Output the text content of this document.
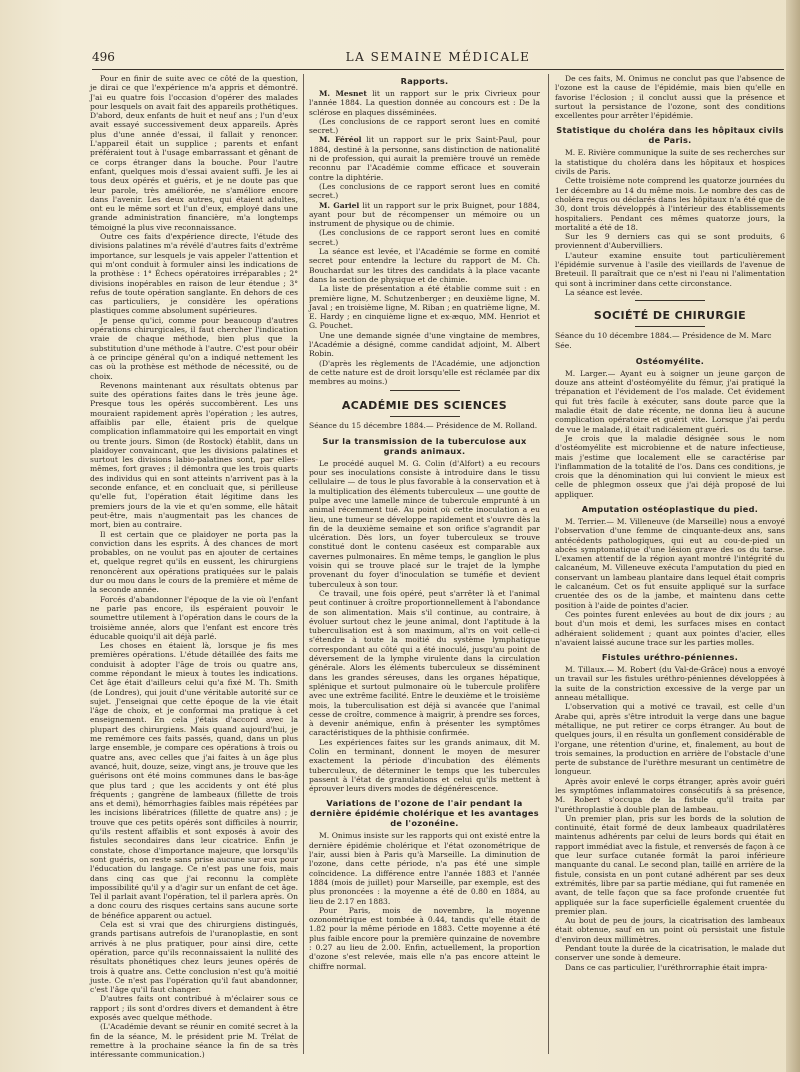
496	LA SEMAINE MÉDICALE

Pour en finir de suite avec ce côté de la question, je dirai ce que l'expérience m'a appris et démontré. J'ai eu quatre fois l'occasion d'opérer des malades pour lesquels on avait fait des appareils prothétiques. D'abord, deux enfants de huit et neuf ans ; l'un d'eux avait essayé successivement deux appareils. Après plus d'une année d'essai, il fallait y renoncer. L'appareil était un supplice ; parents et enfant préféraient tout à l'usage embarrassant et gênant de ce corps étranger dans la bouche. Pour l'autre enfant, quelques mois d'essai avaient suffi. Je les ai tous deux opérés et guéris, et je ne doute pas que leur parole, très améliorée, ne s'améliore encore dans l'avenir. Les deux autres, qui étaient adultes, ont eu le même sort et l'un d'eux, employé dans une grande administration financière, m'a longtemps témoigné la plus vive reconnaissance.

Outre ces faits d'expérience directe, l'étude des divisions palatines m'a révélé d'autres faits d'extrême importance, sur lesquels je vais appeler l'attention et qui m'ont conduit à formuler ainsi les indications de la prothèse : 1° Échecs opératoires irréparables ; 2° divisions inopérables en raison de leur étendue ; 3° refus de toute opération sanglante. En dehors de ces cas particuliers, je considère les opérations plastiques comme absolument supérieures.

Je pense qu'ici, comme pour beaucoup d'autres opérations chirurgicales, il faut chercher l'indication vraie de chaque méthode, bien plus que la substitution d'une méthode à l'autre. C'est pour obéir à ce principe général qu'on a indiqué nettement les cas où la prothèse est méthode de nécessité, ou de choix.

Revenons maintenant aux résultats obtenus par suite des opérations faites dans le très jeune âge. Presque tous les opérés succombèrent. Les uns mouraient rapidement après l'opération ; les autres, affaiblis par elle, étaient pris de quelque complication inflammatoire qui les emportait en vingt ou trente jours. Simon (de Rostock) établit, dans un plaidoyer convaincant, que les divisions palatines et surtout les divisions labio-palatines sont, par elles-mêmes, fort graves ; il démontra que les trois quarts des individus qui en sont atteints n'arrivent pas à la seconde enfance, et en concluait que, si périlleuse qu'elle fut, l'opération était légitime dans les premiers jours de la vie et qu'en somme, elle hâtait peut-être, mais n'augmentait pas les chances de mort, bien au contraire.

Il est certain que ce plaidoyer ne porta pas la conviction dans les esprits. À des chances de mort probables, on ne voulut pas en ajouter de certaines et, quelque regret qu'ils en eussent, les chirurgiens renoncèrent aux opérations pratiquées sur le palais dur ou mou dans le cours de la première et même de la seconde année.

Forcés d'abandonner l'époque de la vie où l'enfant ne parle pas encore, ils espéraient pouvoir le soumettre utilement à l'opération dans le cours de la troisième année, alors que l'enfant est encore très éducable quoiqu'il ait déjà parlé.

Les choses en étaient là, lorsque je fis mes premières opérations. L'étude détaillée des faits me conduisit à adopter l'âge de trois ou quatre ans, comme répondant le mieux à toutes les indications. Cet âge était d'ailleurs celui qu'a fixé M. Th. Smith (de Londres), qui jouit d'une véritable autorité sur ce sujet. J'enseignai que cette époque de la vie était l'âge de choix, et je conformai ma pratique à cet enseignement. En cela j'étais d'accord avec la plupart des chirurgiens. Mais quand aujourd'hui, je me remémore ces faits passés, quand, dans un plus large ensemble, je compare ces opérations à trois ou quatre ans, avec celles que j'ai faites à un âge plus avancé, huit, douze, seize, vingt ans, je trouve que les guérisons ont été moins communes dans le bas-âge que plus tard ; que les accidents y ont été plus fréquents ; gangrène de lambeaux (fillette de trois ans et demi), hémorrhagies faibles mais répétées par les incisions libératrices (fillette de quatre ans) ; je trouve que ces petits opérés sont difficiles à nourrir, qu'ils restent affaiblis et sont exposés à avoir des fistules secondaires dans leur cicatrice. Enfin je constate, chose d'importance majeure, que lorsqu'ils sont guéris, on reste sans prise aucune sur eux pour l'éducation du langage. Ce n'est pas une fois, mais dans cinq cas que j'ai reconnu la complète impossibilité qu'il y a d'agir sur un enfant de cet âge. Tel il parlait avant l'opération, tel il parlera après. On a donc couru des risques certains sans aucune sorte de bénéfice apparent ou actuel.

Cela est si vrai que des chirurgiens distingués, grands partisans autrefois de l'uranoplastie, en sont arrivés à ne plus pratiquer, pour ainsi dire, cette opération, parce qu'ils reconnaissaient la nullité des résultats phonétiques chez leurs jeunes opérés de trois à quatre ans. Cette conclusion n'est qu'à moitié juste. Ce n'est pas l'opération qu'il faut abandonner, c'est l'âge qu'il faut changer.

D'autres faits ont contribué à m'éclairer sous ce rapport ; ils sont d'ordres divers et demandent à être exposés avec quelque méthode.

(L'Académie devant se réunir en comité secret à la fin de la séance, M. le président prie M. Trélat de remettre à la prochaine séance la fin de sa très intéressante communication.)

Rapports.

M. Mesnet lit un rapport sur le prix Civrieux pour l'année 1884. La question donnée au concours est : De la sclérose en plaques disséminées.

(Les conclusions de ce rapport seront lues en comité secret.)

M. Féréol lit un rapport sur le prix Saint-Paul, pour 1884, destiné à la personne, sans distinction de nationalité ni de profession, qui aurait la première trouvé un remède reconnu par l'Académie comme efficace et souverain contre la diphtérie.

(Les conclusions de ce rapport seront lues en comité secret.)

M. Gariel lit un rapport sur le prix Buignet, pour 1884, ayant pour but de récompenser un mémoire ou un instrument de physique ou de chimie.

(Les conclusions de ce rapport seront lues en comité secret.)

La séance est levée, et l'Académie se forme en comité secret pour entendre la lecture du rapport de M. Ch. Bouchardat sur les titres des candidats à la place vacante dans la section de physique et de chimie.

La liste de présentation a été établie comme suit : en première ligne, M. Schutzenberger ; en deuxième ligne, M. Javal ; en troisième ligne, M. Riban ; en quatrième ligne, M. E. Hardy ; en cinquième ligne et ex-æquo, MM. Henriot et G. Pouchet.

Une une demande signée d'une vingtaine de membres, l'Académie a désigné, comme candidat adjoint, M. Albert Robin.

(D'après les règlements de l'Académie, une adjonction de cette nature est de droit lorsqu'elle est réclamée par dix membres au moins.)

ACADÉMIE DES SCIENCES
Séance du 15 décembre 1884.— Présidence de M. Rolland.
Sur la transmission de la tuberculose aux grands animaux.

Le procédé auquel M. G. Colin (d'Alfort) a eu recours pour ses inoculations consiste à introduire dans le tissu cellulaire — de tous le plus favorable à la conservation et à la multiplication des éléments tuberculeux — une goutte de pulpe avec une lamelle mince de tubercule emprunté à un animal récemment tué. Au point où cette inoculation a eu lieu, une tumeur se développe rapidement et s'ouvre dès la fin de la deuxième semaine et son orifice s'agrandit par ulcération. Dès lors, un foyer tuberculeux se trouve constitué dont le contenu caséeux est comparable aux cavernes pulmonaires. En même temps, le ganglion le plus voisin qui se trouve placé sur le trajet de la lymphe provenant du foyer d'inoculation se tuméfie et devient tuberculeux à son tour.

Ce travail, une fois opéré, peut s'arrêter là et l'animal peut continuer à croître proportionnellement à l'abondance de son alimentation. Mais s'il continue, au contraire, à évoluer surtout chez le jeune animal, dont l'aptitude à la tuberculisation est à son maximum, al'rs on voit celle-ci s'étendre à toute la moitié du système lymphatique correspondant au côté qui a été inoculé, jusqu'au point de déversement de la lymphe virulente dans la circulation générale. Alors les éléments tuberculeux se disséminent dans les grandes séreuses, dans les organes hépatique, splénique et surtout pulmonaire où le tubercule prolifère avec une extrême facilité. Entre le deuxième et le troisième mois, la tuberculisation est déjà si avancée que l'animal cesse de croître, commence à maigrir, à prendre ses forces, à devenir anémique, enfin à présenter les symptômes caractéristiques de la phthisie confirmée.

Les expériences faites sur les grands animaux, dit M. Colin en terminant, donnent le moyen de mesurer exactement la période d'incubation des éléments tuberculeux, de déterminer le temps que les tubercules passent à l'état de granulations et celui qu'ils mettent à éprouver leurs divers modes de dégénérescence.

Variations de l'ozone de l'air pendant la dernière épidémie cholérique et les avantages de l'ozonéine.

M. Onimus insiste sur les rapports qui ont existé entre la dernière épidémie cholérique et l'état ozonométrique de l'air, aussi bien à Paris qu'à Marseille. La diminution de l'ozone, dans cette période, n'a pas été une simple coïncidence. La différence entre l'année 1883 et l'année 1884 (mois de juillet) pour Marseille, par exemple, est des plus prononcées : la moyenne a été de 0.80 en 1884, au lieu de 2.17 en 1883.

Pour Paris, mois de novembre, la moyenne ozonométrique est tombée à 0.44, tandis qu'elle était de 1.82 pour la même période en 1883. Cette moyenne a été plus faible encore pour la première quinzaine de novembre : 0.27 au lieu de 2.00. Enfin, actuellement, la proportion d'ozone s'est relevée, mais elle n'a pas encore atteint le chiffre normal.

De ces faits, M. Onimus ne conclut pas que l'absence de l'ozone est la cause de l'épidémie, mais bien qu'elle en favorise l'éclosion ; il conclut aussi que la présence et surtout la persistance de l'ozone, sont des conditions excellentes pour arrêter l'épidémie.

Statistique du choléra dans les hôpitaux civils de Paris.

M. E. Rivière communique la suite de ses recherches sur la statistique du choléra dans les hôpitaux et hospices civils de Paris.

Cette troisième note comprend les quatorze journées du 1er décembre au 14 du même mois. Le nombre des cas de choléra reçus ou déclarés dans les hôpitaux n'a été que de 30, dont trois développés à l'intérieur des établissements hospitaliers. Pendant ces mêmes quatorze jours, la mortalité a été de 18.

Sur les 9 derniers cas qui se sont produits, 6 proviennent d'Aubervilliers.

L'auteur examine ensuite tout particulièrement l'épidémie survenue à l'asile des vieillards de l'avenue de Breteuil. Il paraîtrait que ce n'est ni l'eau ni l'alimentation qui sont à incriminer dans cette circonstance.

La séance est levée.

SOCIÉTÉ DE CHIRURGIE
Séance du 10 décembre 1884.— Présidence de M. Marc Sée.
Ostéomyélite.

M. Larger.— Ayant eu à soigner un jeune garçon de douze ans atteint d'ostéomyélite du fémur, j'ai pratiqué la trépanation et l'évidement de l'os malade. Cet évidement qui fut très facile à exécuter, sans doute parce que la maladie était de date récente, ne donna lieu à aucune complication opératoire et guérit vite. Lorsque j'ai perdu de vue le malade, il était radicalement guéri.

Je crois que la maladie désignée sous le nom d'ostéomyélite est microbienne et de nature infectieuse, mais j'estime que localement elle se caractérise par l'inflammation de la totalité de l'os. Dans ces conditions, je crois que la dénomination qui lui convient le mieux est celle de phlegmon osseux que j'ai déjà proposé de lui appliquer.

Amputation ostéoplastique du pied.

M. Terrier.— M. Villeneuve (de Marseille) nous a envoyé l'observation d'une femme de cinquante-deux ans, sans antécédents pathologiques, qui eut au cou-de-pied un abcès symptomatique d'une lésion grave des os du tarse. L'examen attentif de la région ayant montré l'intégrité du calcanéum, M. Villeneuve exécuta l'amputation du pied en conservant un lambeau plantaire dans lequel était compris le calcanéum. Cet os fut ensuite appliqué sur la surface cruentée des os de la jambe, et maintenu dans cette position à l'aide de pointes d'acier.

Ces pointes furent enlevées au bout de dix jours ; au bout d'un mois et demi, les surfaces mises en contact adhéraient solidement ; quant aux pointes d'acier, elles n'avaient laissé aucune trace sur les parties molles.

Fistules uréthro-péniennes.

M. Tillaux.— M. Robert (du Val-de-Grâce) nous a envoyé un travail sur les fistules uréthro-péniennes développées à la suite de la constriction excessive de la verge par un anneau métallique.

L'observation qui a motivé ce travail, est celle d'un Arabe qui, après s'être introduit la verge dans une bague métallique, ne put retirer ce corps étranger. Au bout de quelques jours, il en résulta un gonflement considérable de l'organe, une rétention d'urine, et, finalement, au bout de trois semaines, la production en arrière de l'obstacle d'une perte de substance de l'urèthre mesurant un centimètre de longueur.

Après avoir enlevé le corps étranger, après avoir guéri les symptômes inflammatoires consécutifs à sa présence, M. Robert s'occupa de la fistule qu'il traita par l'uréthroplastie à double plan de lambeau.

Un premier plan, pris sur les bords de la solution de continuité, était formé de deux lambeaux quadrilatères maintenus adhérents par celui de leurs bords qui était en rapport immédiat avec la fistule, et renversés de façon à ce que leur surface cutanée formât la paroi inférieure manquante du canal. Le second plan, taillé en arrière de la fistule, consista en un pont cutané adhérent par ses deux extrémités, libre par sa partie médiane, qui fut ramenée en avant, de telle façon que sa face profonde cruentée fut appliquée sur la face superficielle également cruentée du premier plan.

Au bout de peu de jours, la cicatrisation des lambeaux était obtenue, sauf en un point où persistait une fistule d'environ deux millimètres.

Pendant toute la durée de la cicatrisation, le malade dut conserver une sonde à demeure.

Dans ce cas particulier, l'uréthrorraphie était impra-
